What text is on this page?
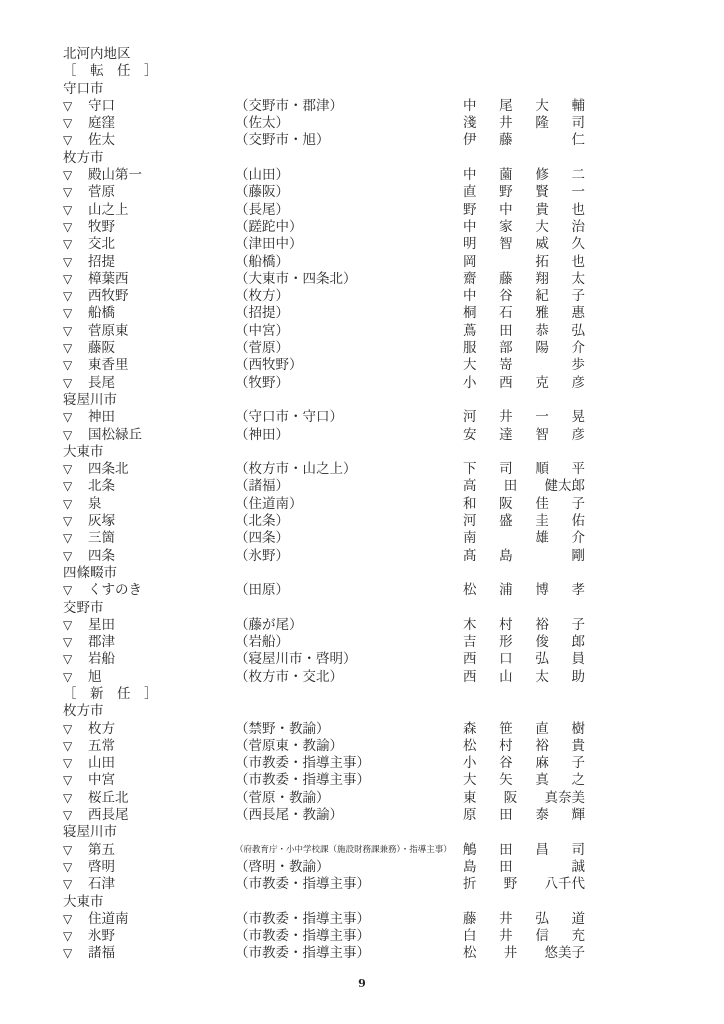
北河内地区
［　転　任　］
守口市
▽	守口	（交野市・郡津）	中 尾 大 輔
▽	庭窪	（佐太）	淺 井 隆 司
▽	佐太	（交野市・旭）	伊 藤	仁
枚方市
▽	殿山第一	（山田）	中 薗 修 二
▽	菅原	（藤阪）	直 野 賢 一
▽	山之上	（長尾）	野 中 貴 也
▽	牧野	（蹉跎中）	中 家 大 治
▽	交北	（津田中）	明 智 威 久
▽	招提	（船橋）	岡	拓 也
▽	樟葉西	（大東市・四条北）	齋 藤 翔 太
▽	西牧野	（枚方）	中 谷 紀 子
▽	船橋	（招提）	桐 石 雅 惠
▽	菅原東	（中宮）	蔦 田 恭 弘
▽	藤阪	（菅原）	服 部 陽 介
▽	東香里	（西牧野）	大 嵜	歩
▽	長尾	（牧野）	小 西 克 彦
寝屋川市
▽	神田	（守口市・守口）	河 井 一 晃
▽	国松緑丘	（神田）	安 達 智 彦
大東市
▽	四条北	（枚方市・山之上）	下 司 順 平
▽	北条	（諸福）	高 田 健太郎
▽	泉	（住道南）	和 阪 佳 子
▽	灰塚	（北条）	河 盛 圭 佑
▽	三箇	（四条）	南	雄 介
▽	四条	（氷野）	髙 島	剛
四條畷市
▽	くすのき	（田原）	松 浦 博 孝
交野市
▽	星田	（藤が尾）	木 村 裕 子
▽	郡津	（岩船）	吉 形 俊 郎
▽	岩船	（寝屋川市・啓明）	西 口 弘 員
▽	旭	（枚方市・交北）	西 山 太 助
［　新　任　］
枚方市
▽	枚方	（禁野・教諭）	森 笹 直 樹
▽	五常	（菅原東・教諭）	松 村 裕 貴
▽	山田	（市教委・指導主事）	小 谷 麻 子
▽	中宮	（市教委・指導主事）	大 矢 真 之
▽	桜丘北	（菅原・教諭）	東 阪 真奈美
▽	西長尾	（西長尾・教諭）	原 田 泰 輝
寝屋川市
▽	第五	（府教育庁・小中学校課（施設財務課兼務）・指導主事） 鵤 田 昌 司
▽	啓明	（啓明・教諭）	島 田	誠
▽	石津	（市教委・指導主事）	折 野 八千代
大東市
▽	住道南	（市教委・指導主事）	藤 井 弘 道
▽	氷野	（市教委・指導主事）	白 井 信 充
▽	諸福	（市教委・指導主事）	松 井 悠美子
9
